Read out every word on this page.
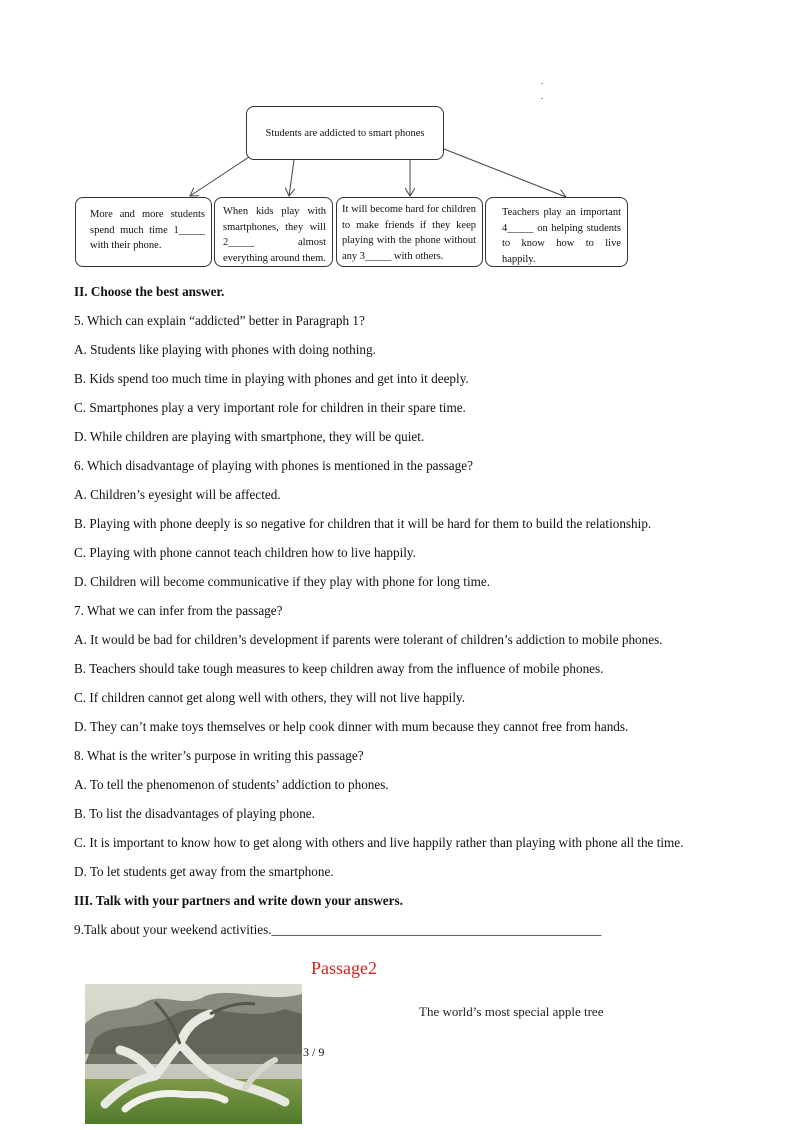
.
.
Students are addicted to smart phones
More and more students spend much time 1_____ with their phone.
When kids play with smartphones, they will 2_____ almost everything around them.
It will become hard for children to make friends if they keep playing with the phone without any 3_____ with others.
Teachers play an important 4_____ on helping students to know how to live happily.
II. Choose the best answer.
5. Which can explain “addicted” better in Paragraph 1?
A. Students like playing with phones with doing nothing.
B. Kids spend too much time in playing with phones and get into it deeply.
C. Smartphones play a very important role for children in their spare time.
D. While children are playing with smartphone, they will be quiet.
6. Which disadvantage of playing with phones is mentioned in the passage?
A. Children’s eyesight will be affected.
B. Playing with phone deeply is so negative for children that it will be hard for them to build the relationship.
C. Playing with phone cannot teach children how to live happily.
D. Children will become communicative if they play with phone for long time.
7. What we can infer from the passage?
A. It would be bad for children’s development if parents were tolerant of children’s addiction to mobile phones.
B. Teachers should take tough measures to keep children away from the influence of mobile phones.
C. If children cannot get along well with others, they will not live happily.
D. They can’t make toys themselves or help cook dinner with mum because they cannot free from hands.
8. What is the writer’s purpose in writing this passage?
A. To tell the phenomenon of students’ addiction to phones.
B. To list the disadvantages of playing phone.
C. It is important to know how to get along with others and live happily rather than playing with phone all the time.
D. To let students get away from the smartphone.
III. Talk with your partners and write down your answers.
9.Talk about your weekend activities.__________________________________________________
Passage2
3 / 9
The world’s most special apple tree
